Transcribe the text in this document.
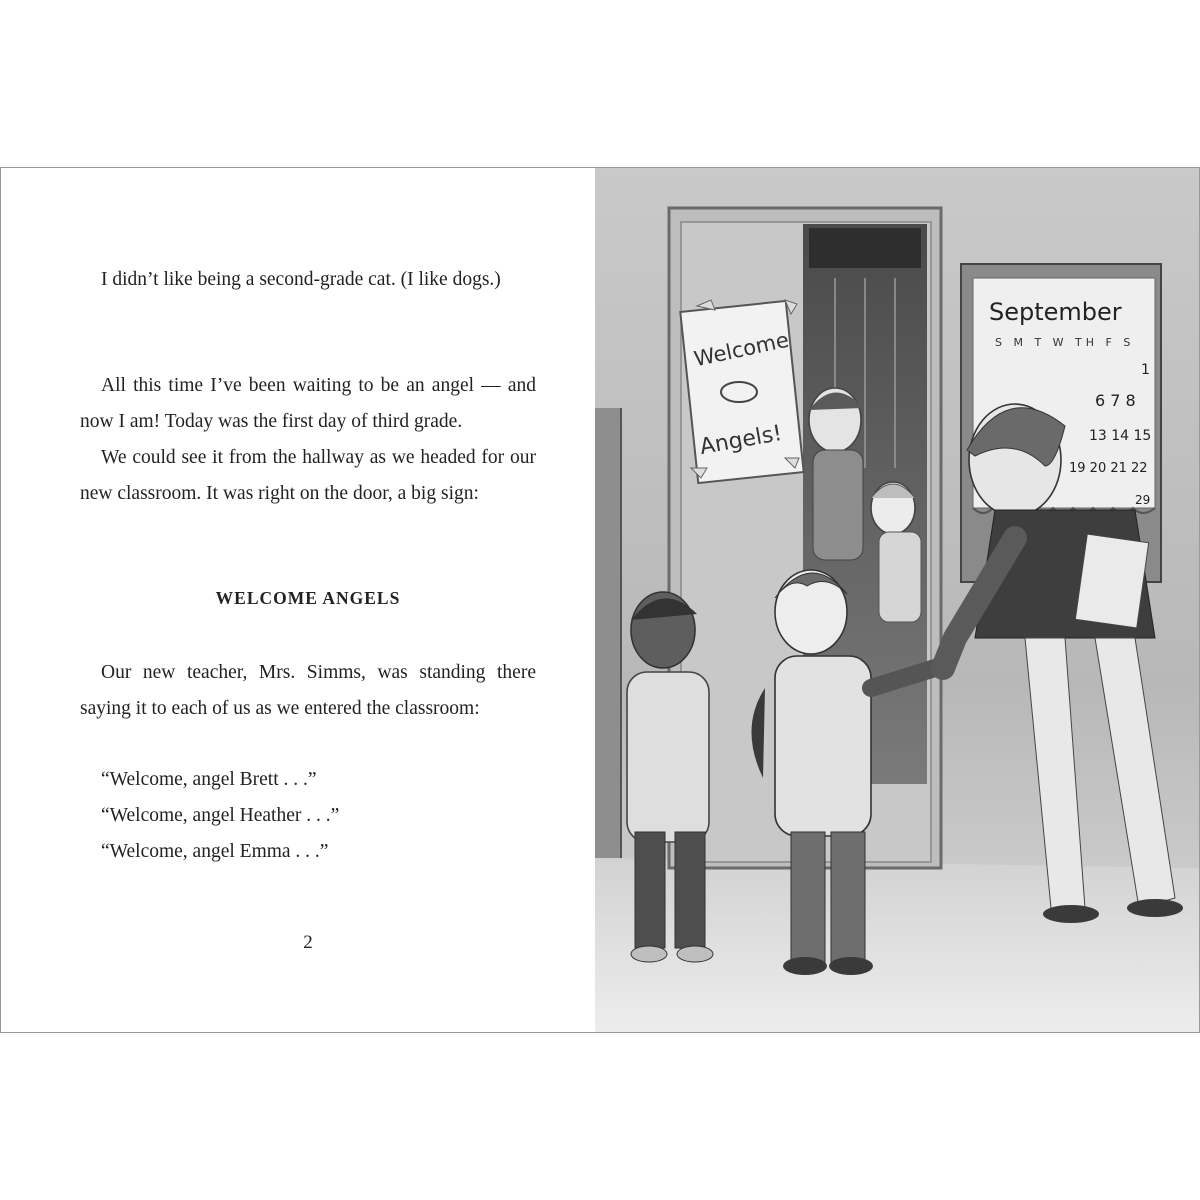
I didn’t like being a second-grade cat. (I like dogs.)

All this time I’ve been waiting to be an angel — and now I am! Today was the first day of third grade.

We could see it from the hallway as we headed for our new classroom. It was right on the door, a big sign:

WELCOME ANGELS

Our new teacher, Mrs. Simms, was standing there saying it to each of us as we entered the classroom:

“Welcome, angel Brett . . .”

“Welcome, angel Heather . . .”

“Welcome, angel Emma . . .”

2
Welcome
Angels!
September
S M T W TH F S
1
6 7 8
13 14 15
19 20 21 22
29
